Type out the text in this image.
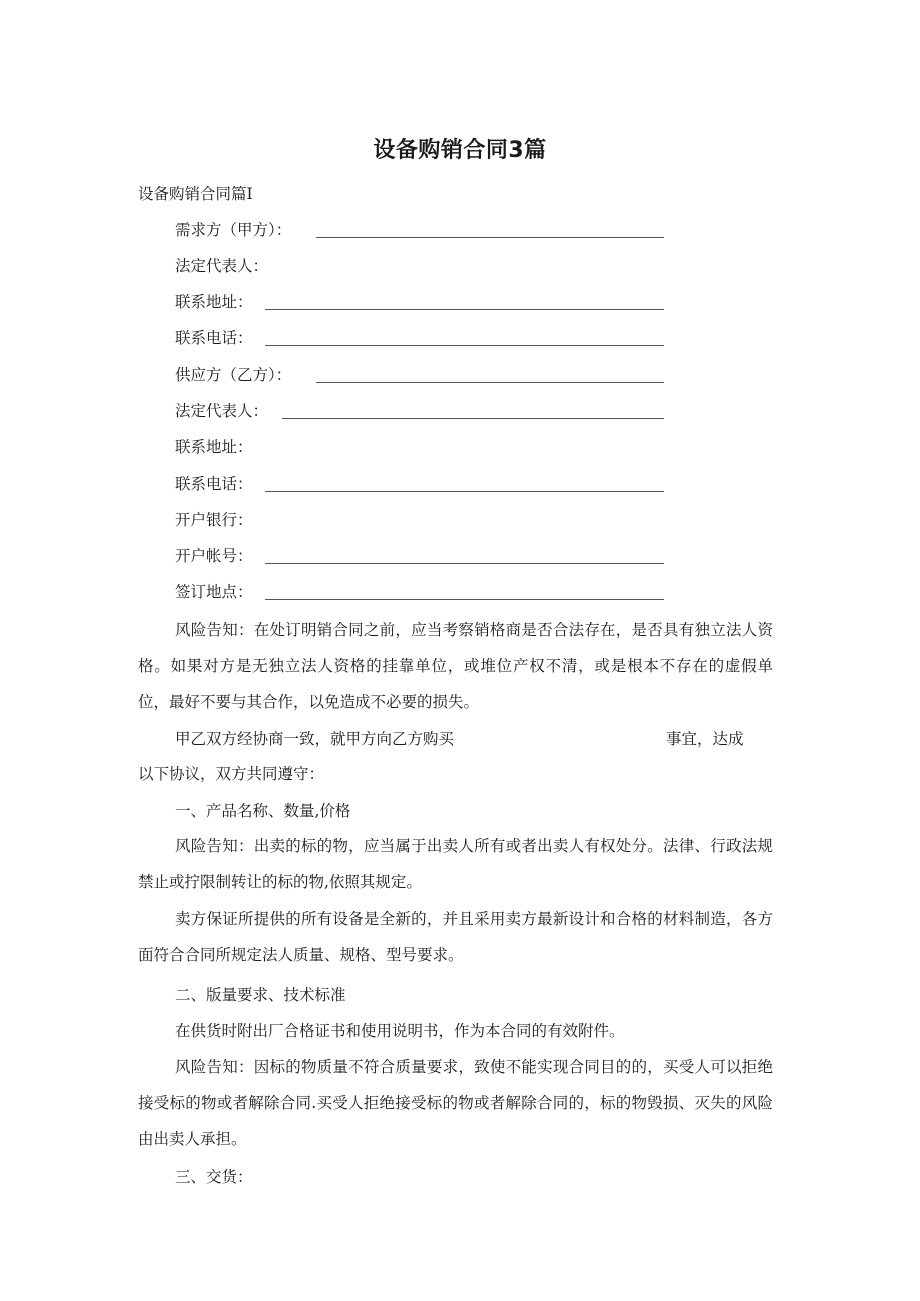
设备购销合同3篇
设备购销合同篇I
需求方（甲方）：
法定代表人：
联系地址：
联系电话：
供应方（乙方）：
法定代表人：
联系地址：
联系电话：
开户银行：
开户帐号：
签订地点：

风险告知：在处订明销合同之前，应当考察销格商是否合法存在，是否具有独立法人资格。如果对方是无独立法人资格的挂靠单位，或堆位产权不清，或是根本不存在的虚假单位，最好不要与其合作，以免造成不必要的损失。

甲乙双方经协商一致，就甲方向乙方购买	事宜，达成
以下协议，双方共同遵守：
一、产品名称、数量,价格

风险告知：出卖的标的物，应当属于出卖人所有或者出卖人有权处分。法律、行政法规禁止或拧限制转让的标的物,依照其规定。

卖方保证所提供的所有设备是全新的，并且采用卖方最新设计和合格的材料制造，各方面符合合同所规定法人质量、规格、型号要求。

二、版量要求、技术标准
在供货时附出厂合格证书和使用说明书，作为本合同的有效附件。

风险告知：因标的物质量不符合质量要求，致使不能实现合同目的的，买受人可以拒绝接受标的物或者解除合同.买受人拒绝接受标的物或者解除合同的，标的物毁损、灭失的风险由出卖人承担。

三、交货：
